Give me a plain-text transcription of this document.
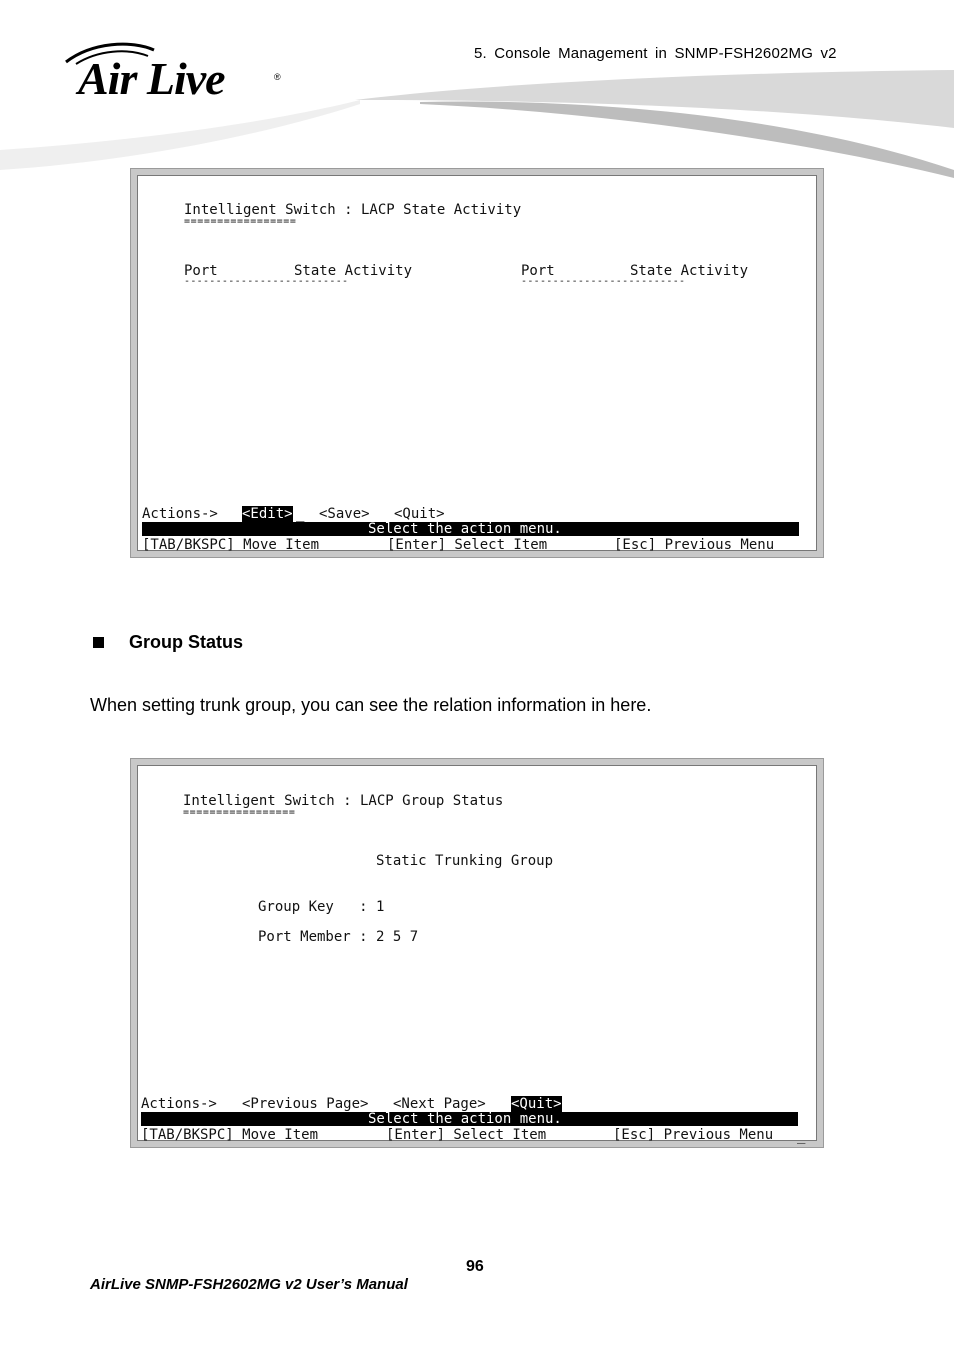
Air Live	®
5. Console Management in SNMP-FSH2602MG v2
Intelligent Switch : LACP State Activity
=================
Port	State Activity	Port	State Activity
--------------------------	--------------------------
Actions-> <Edit> _ <Save> <Quit>
Select the action menu.
[TAB/BKSPC] Move Item	[Enter] Select Item	[Esc] Previous Menu
Group Status
When setting trunk group, you can see the relation information in here.
Intelligent Switch : LACP Group Status
=================
Static Trunking Group
Group Key   : 1
Port Member : 2 5 7
Actions-> <Previous Page> <Next Page> <Quit>
Select the action menu.
[TAB/BKSPC] Move Item	[Enter] Select Item	[Esc] Previous Menu _
96
AirLive SNMP-FSH2602MG v2 User’s Manual
